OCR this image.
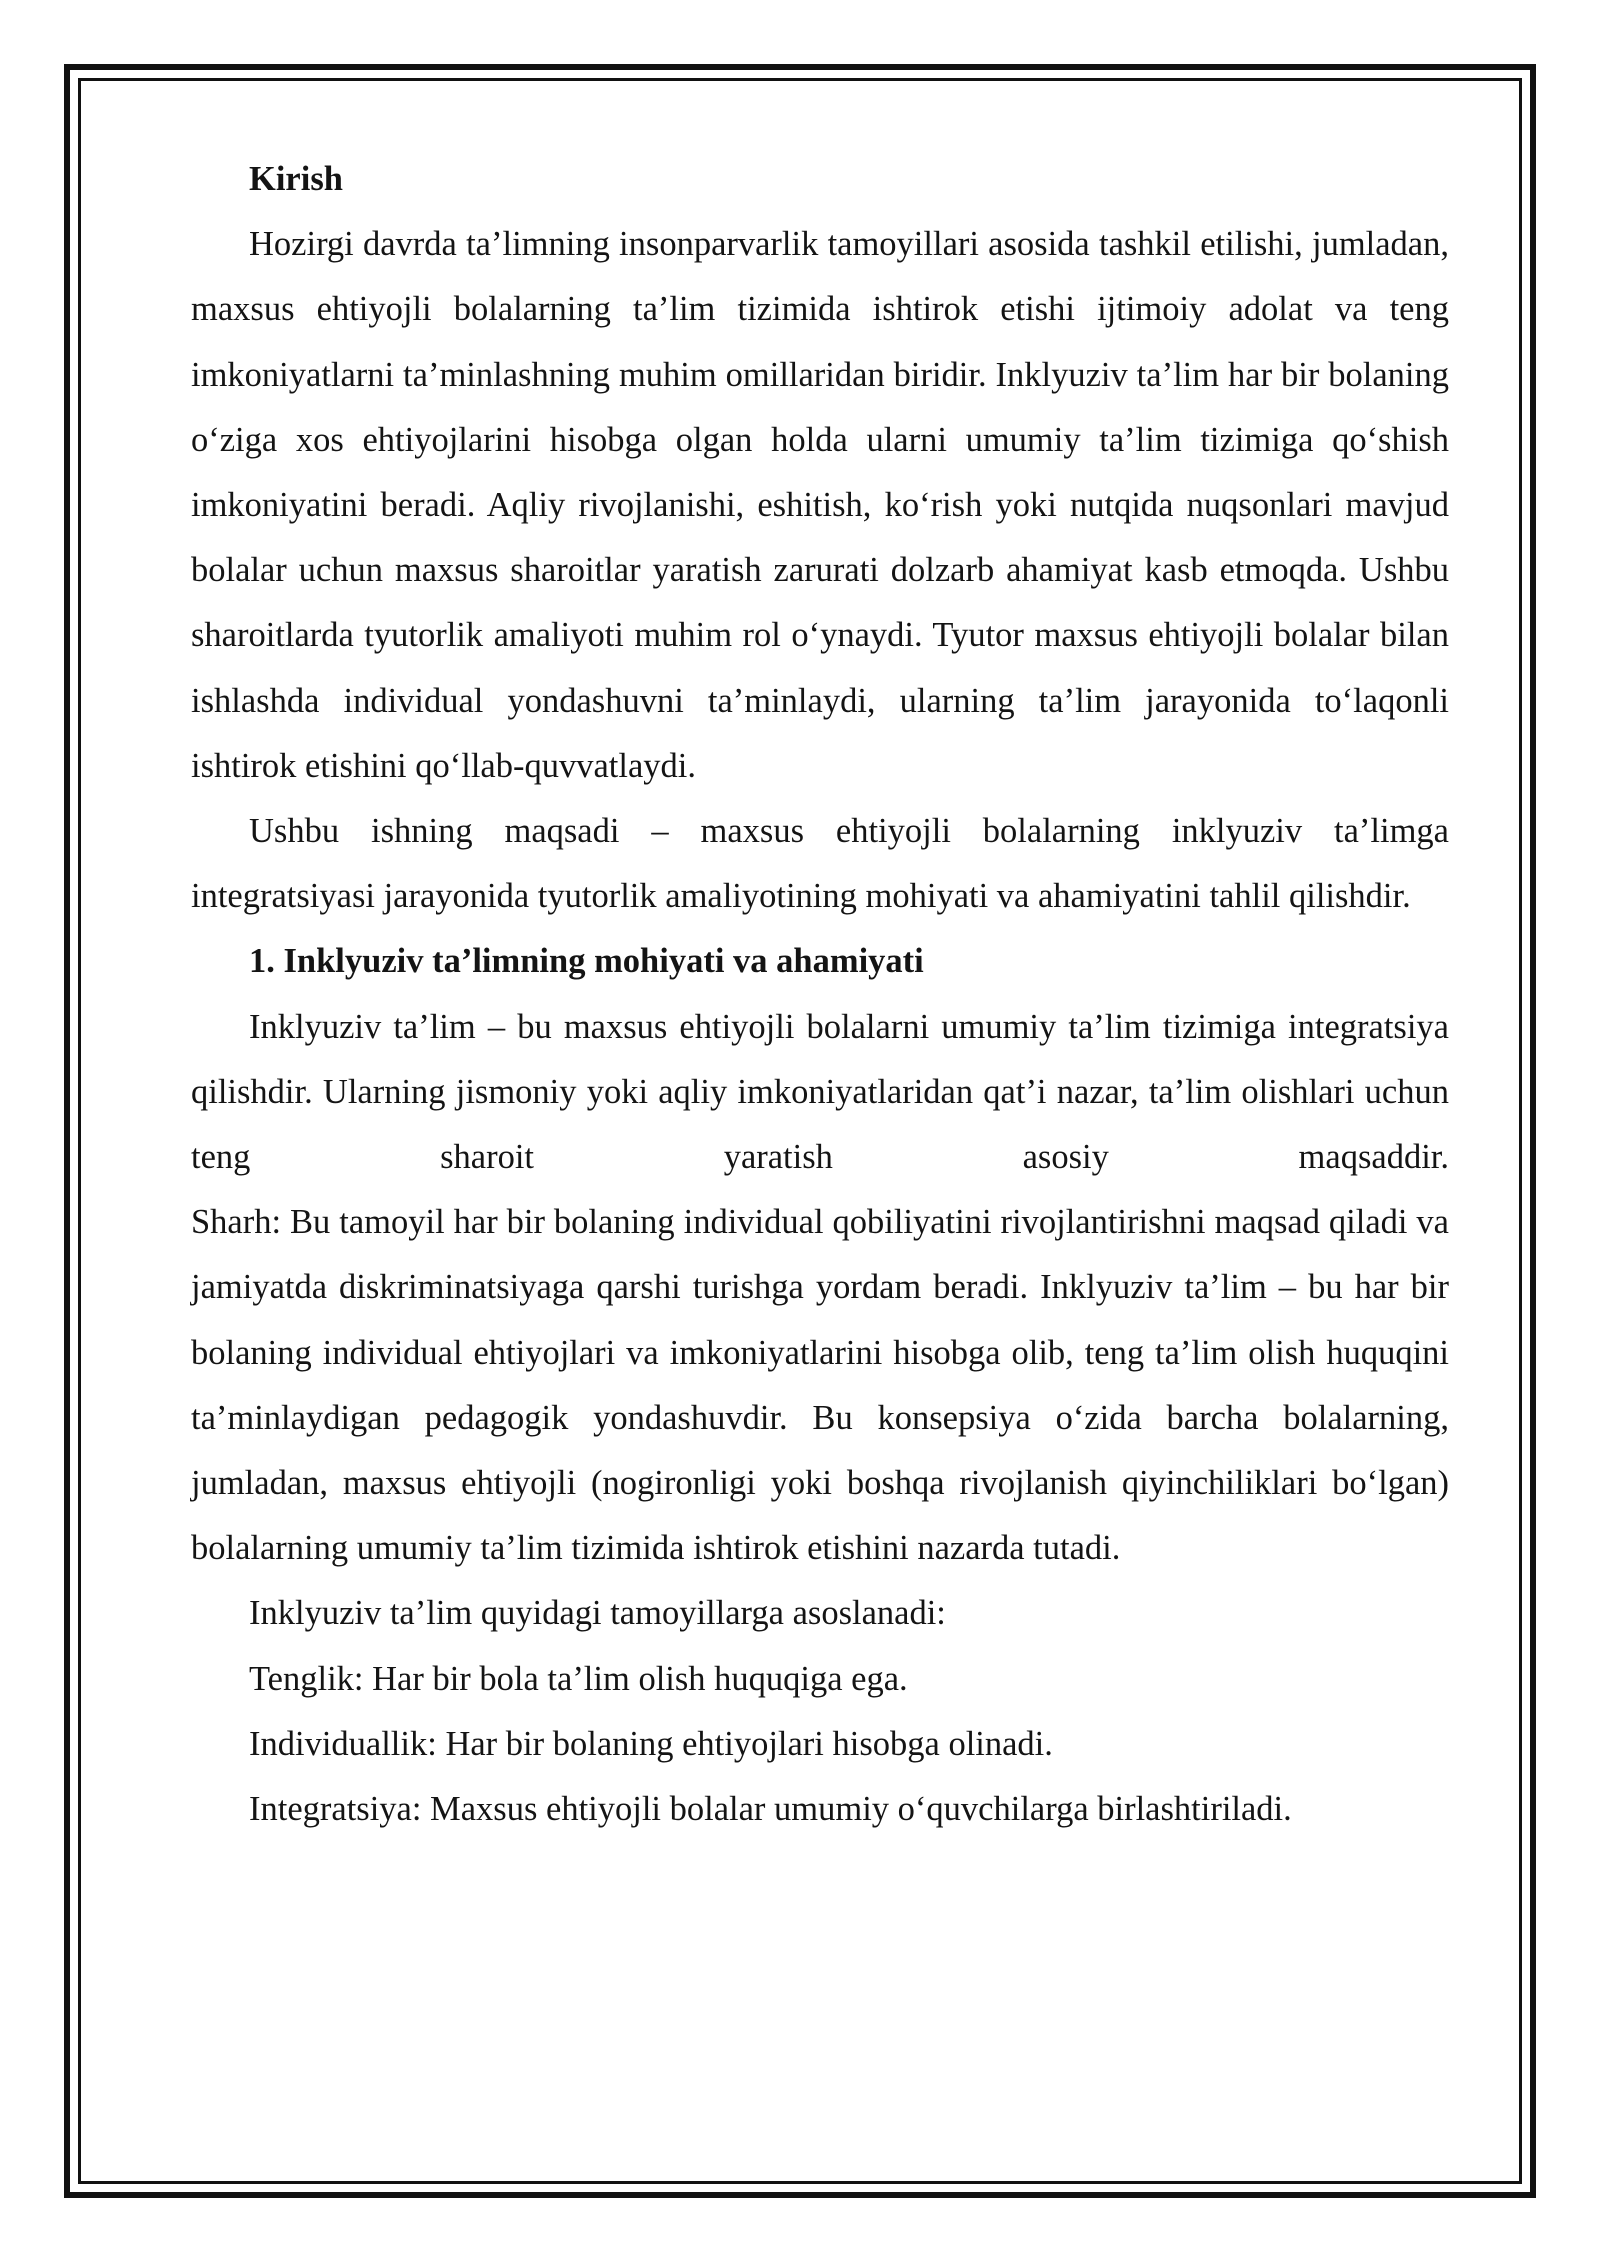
Kirish

Hozirgi davrda ta’limning insonparvarlik tamoyillari asosida tashkil etilishi, jumladan, maxsus ehtiyojli bolalarning ta’lim tizimida ishtirok etishi ijtimoiy adolat va teng imkoniyatlarni ta’minlashning muhim omillaridan biridir. Inklyuziv ta’lim har bir bolaning o‘ziga xos ehtiyojlarini hisobga olgan holda ularni umumiy ta’lim tizimiga qo‘shish imkoniyatini beradi. Aqliy rivojlanishi, eshitish, ko‘rish yoki nutqida nuqsonlari mavjud bolalar uchun maxsus sharoitlar yaratish zarurati dolzarb ahamiyat kasb etmoqda. Ushbu sharoitlarda tyutorlik amaliyoti muhim rol o‘ynaydi. Tyutor maxsus ehtiyojli bolalar bilan ishlashda individual yondashuvni ta’minlaydi, ularning ta’lim jarayonida to‘laqonli ishtirok etishini qo‘llab-quvvatlaydi.

Ushbu ishning maqsadi – maxsus ehtiyojli bolalarning inklyuziv ta’limga integratsiyasi jarayonida tyutorlik amaliyotining mohiyati va ahamiyatini tahlil qilishdir.

1. Inklyuziv ta’limning mohiyati va ahamiyati

Inklyuziv ta’lim – bu maxsus ehtiyojli bolalarni umumiy ta’lim tizimiga integratsiya qilishdir. Ularning jismoniy yoki aqliy imkoniyatlaridan qat’i nazar, ta’lim olishlari uchun teng sharoit yaratish asosiy maqsaddir.

Sharh: Bu tamoyil har bir bolaning individual qobiliyatini rivojlantirishni maqsad qiladi va jamiyatda diskriminatsiyaga qarshi turishga yordam beradi. Inklyuziv ta’lim – bu har bir bolaning individual ehtiyojlari va imkoniyatlarini hisobga olib, teng ta’lim olish huquqini ta’minlaydigan pedagogik yondashuvdir. Bu konsepsiya o‘zida barcha bolalarning, jumladan, maxsus ehtiyojli (nogironligi yoki boshqa rivojlanish qiyinchiliklari bo‘lgan) bolalarning umumiy ta’lim tizimida ishtirok etishini nazarda tutadi.

Inklyuziv ta’lim quyidagi tamoyillarga asoslanadi:

Tenglik: Har bir bola ta’lim olish huquqiga ega.

Individuallik: Har bir bolaning ehtiyojlari hisobga olinadi.

Integratsiya: Maxsus ehtiyojli bolalar umumiy o‘quvchilarga birlashtiriladi.
